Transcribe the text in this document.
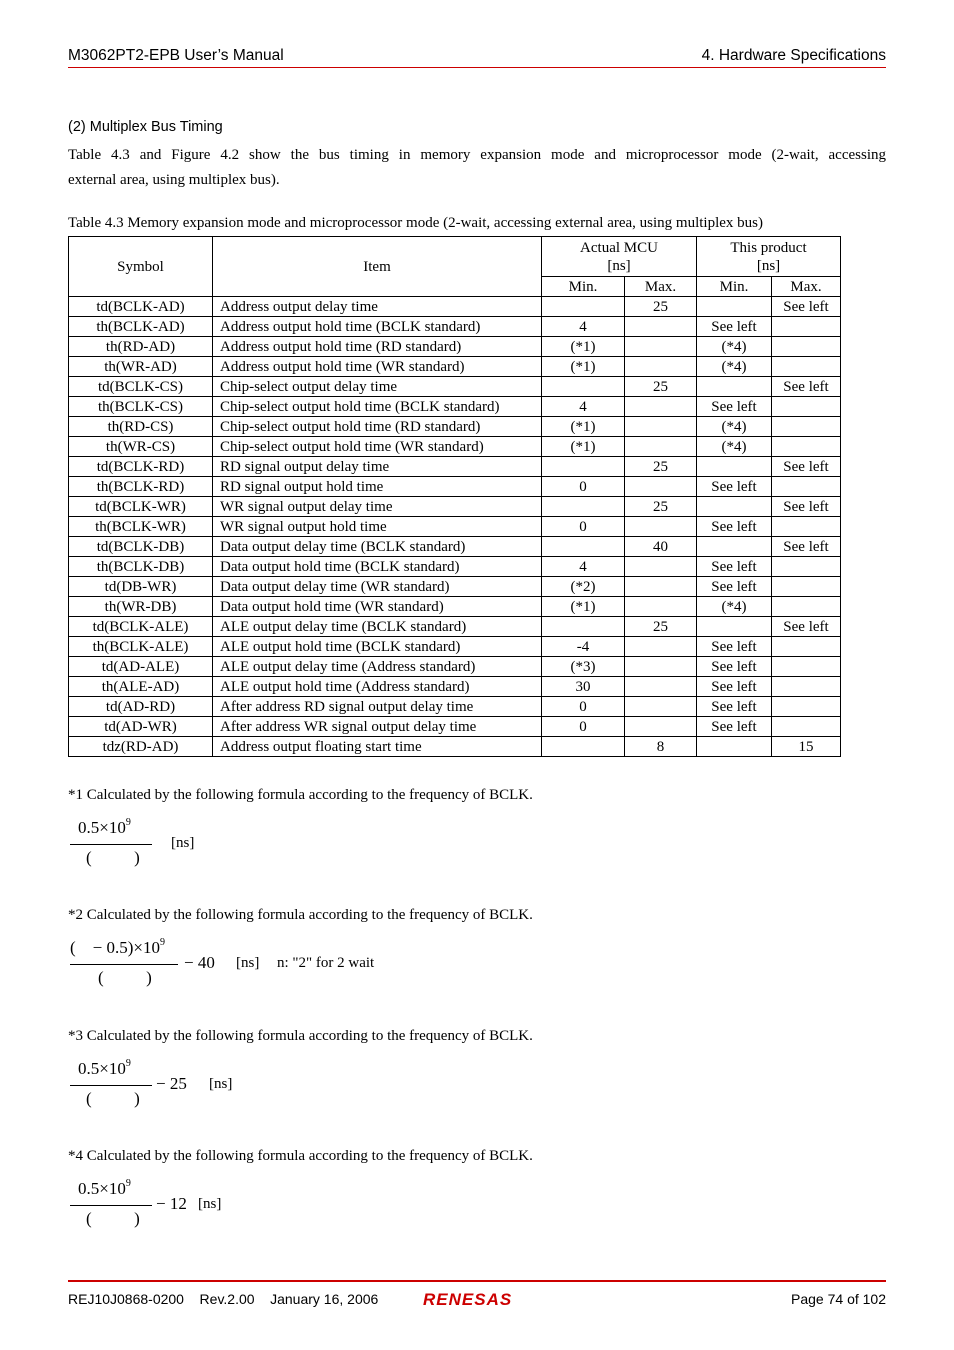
M3062PT2-EPB User’s Manual	4. Hardware Specifications
(2) Multiplex Bus Timing
Table 4.3 and Figure 4.2 show the bus timing in memory expansion mode and microprocessor mode (2-wait, accessing
external area, using multiplex bus).
Table 4.3 Memory expansion mode and microprocessor mode (2-wait, accessing external area, using multiplex bus)
Symbol	Item	Actual MCU
[ns]		This product
[ns]	
		Min.	Max.	Min.	Max.
td(BCLK-AD)	Address output delay time		25		See left
th(BCLK-AD)	Address output hold time (BCLK standard)	4		See left	
th(RD-AD)	Address output hold time (RD standard)	(*1)		(*4)	
th(WR-AD)	Address output hold time (WR standard)	(*1)		(*4)	
td(BCLK-CS)	Chip-select output delay time		25		See left
th(BCLK-CS)	Chip-select output hold time (BCLK standard)	4		See left	
th(RD-CS)	Chip-select output hold time (RD standard)	(*1)		(*4)	
th(WR-CS)	Chip-select output hold time (WR standard)	(*1)		(*4)	
td(BCLK-RD)	RD signal output delay time		25		See left
th(BCLK-RD)	RD signal output hold time	0		See left	
td(BCLK-WR)	WR signal output delay time		25		See left
th(BCLK-WR)	WR signal output hold time	0		See left	
td(BCLK-DB)	Data output delay time (BCLK standard)		40		See left
th(BCLK-DB)	Data output hold time (BCLK standard)	4		See left	
td(DB-WR)	Data output delay time (WR standard)	(*2)		See left	
th(WR-DB)	Data output hold time (WR standard)	(*1)		(*4)	
td(BCLK-ALE)	ALE output delay time (BCLK standard)		25		See left
th(BCLK-ALE)	ALE output hold time (BCLK standard)	-4		See left	
td(AD-ALE)	ALE output delay time (Address standard)	(*3)		See left	
th(ALE-AD)	ALE output hold time (Address standard)	30		See left	
td(AD-RD)	After address RD signal output delay time	0		See left	
td(AD-WR)	After address WR signal output delay time	0		See left	
tdz(RD-AD)	Address output floating start time		8		15
*1 Calculated by the following formula according to the frequency of BCLK.
$0.5\times 10^9$
(          )
[ns]
*2 Calculated by the following formula according to the frequency of BCLK.
(    − $0.5)\times 10^9$
(          )
− 40 [ns] n: "2" for 2 wait
*3 Calculated by the following formula according to the frequency of BCLK.
$0.5\times 10^9$
(          )
− 25 [ns]
*4 Calculated by the following formula according to the frequency of BCLK.
$0.5\times 10^9$
(          )
− 12 [ns]
REJ10J0868-0200 Rev.2.00 January 16, 2006	RENESAS	Page 74 of 102
